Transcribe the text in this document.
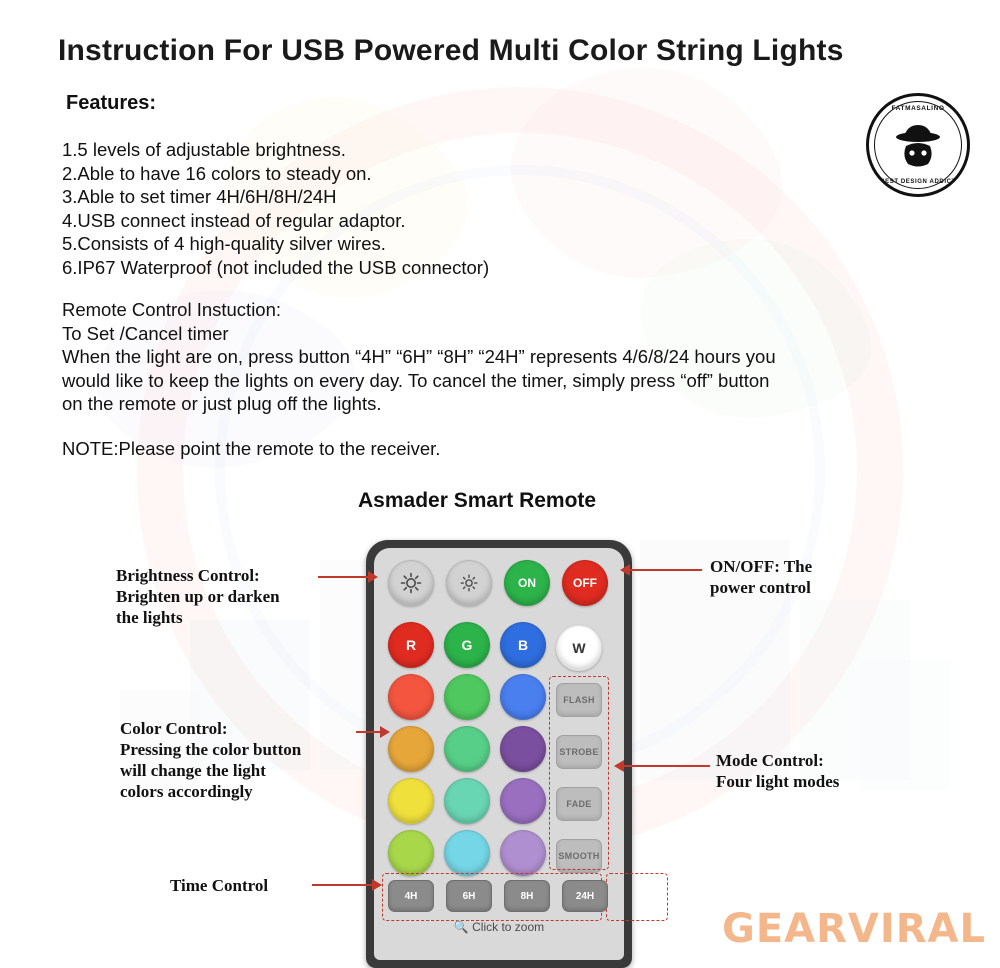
Instruction For USB Powered Multi Color String Lights
Features:
1.5 levels of adjustable brightness.
2.Able to have 16 colors to steady on.
3.Able to set timer 4H/6H/8H/24H
4.USB connect instead of regular adaptor.
5.Consists of 4 high-quality silver wires.
6.IP67 Waterproof (not included the USB connector)
Remote Control Instuction:
To Set /Cancel timer
When the light are on, press button “4H” “6H” “8H” “24H” represents 4/6/8/24 hours you
would like to keep the lights on every day. To cancel the timer, simply press “off” button
on the remote or just plug off the lights.
NOTE:Please point the remote to the receiver.
Asmader Smart Remote
FATMASALINO
BEST DESIGN ADDICT
ON	OFF
R	G	B	W
FLASH
STROBE
FADE
SMOOTH
4H	6H	8H	24H
🔍 Click to zoom
Brightness Control:
Brighten up or darken
the lights
Color Control:
Pressing the color button
will change the light
colors accordingly
Time Control
ON/OFF: The
power control
Mode Control:
Four light modes
GEARVIRAL
